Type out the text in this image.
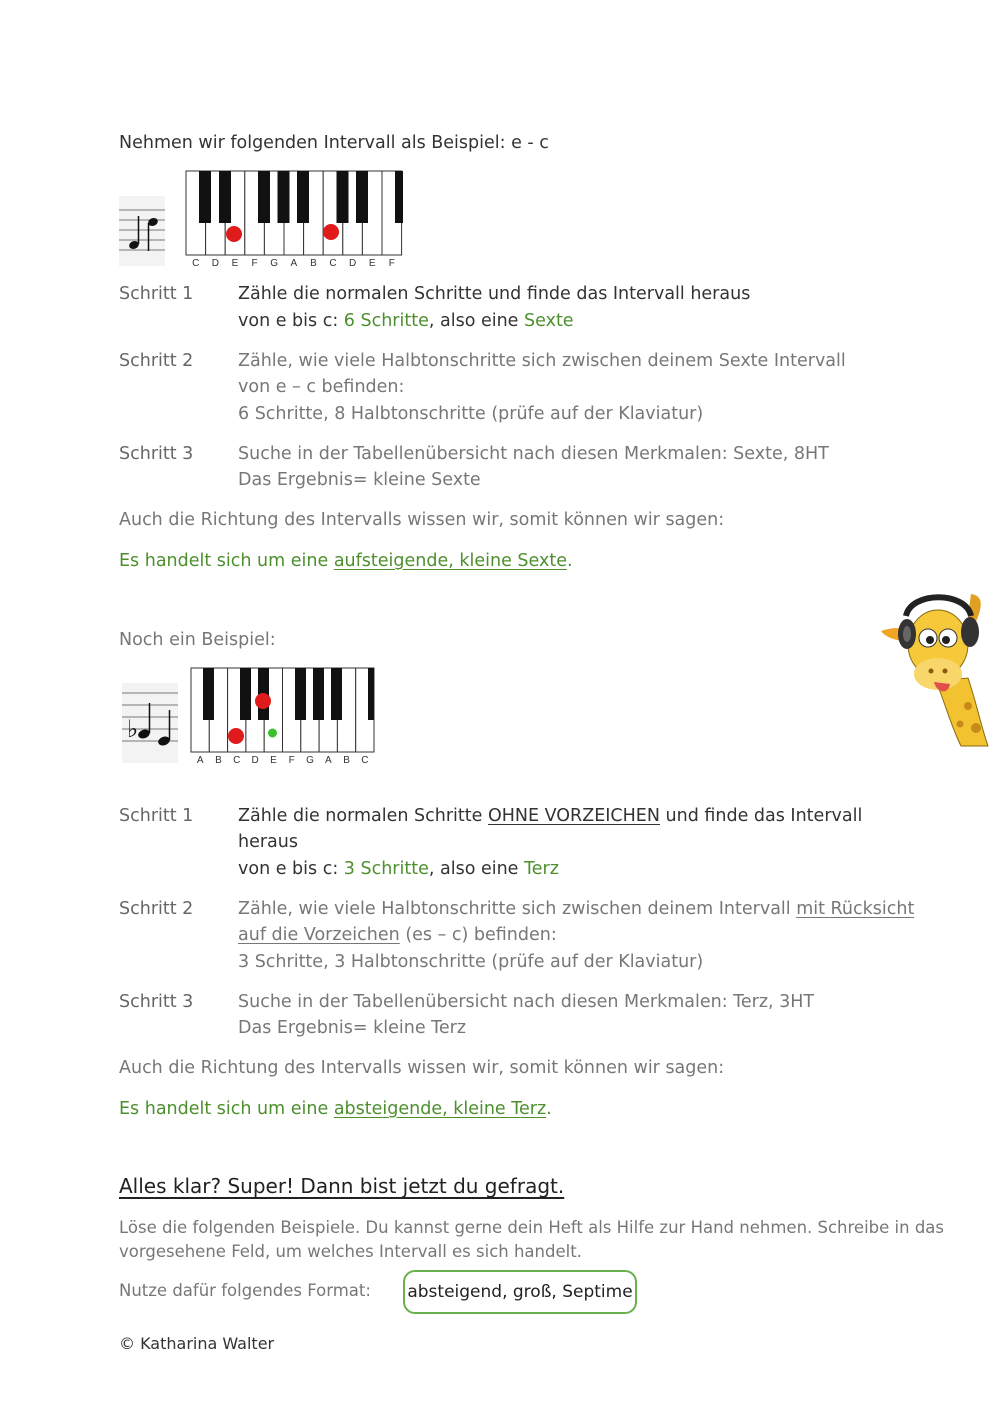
Nehmen wir folgenden Intervall als Beispiel: e - c
C D E F G A B C D E F
Schritt 1	Zähle die normalen Schritte und finde das Intervall heraus
von e bis c: 6 Schritte, also eine Sexte
Schritt 2	Zähle, wie viele Halbtonschritte sich zwischen deinem Sexte Intervall
von e – c befinden:
6 Schritte, 8 Halbtonschritte (prüfe auf der Klaviatur)
Schritt 3	Suche in der Tabellenübersicht nach diesen Merkmalen: Sexte, 8HT
Das Ergebnis= kleine Sexte
Auch die Richtung des Intervalls wissen wir, somit können wir sagen:
Es handelt sich um eine aufsteigende, kleine Sexte.
Noch ein Beispiel:
♭
A B C D E F G A B C
Schritt 1	Zähle die normalen Schritte OHNE VORZEICHEN und finde das Intervall
heraus
von e bis c: 3 Schritte, also eine Terz
Schritt 2	Zähle, wie viele Halbtonschritte sich zwischen deinem Intervall mit Rücksicht
auf die Vorzeichen (es – c) befinden:
3 Schritte, 3 Halbtonschritte (prüfe auf der Klaviatur)
Schritt 3	Suche in der Tabellenübersicht nach diesen Merkmalen: Terz, 3HT
Das Ergebnis= kleine Terz
Auch die Richtung des Intervalls wissen wir, somit können wir sagen:
Es handelt sich um eine absteigende, kleine Terz.
Alles klar? Super! Dann bist jetzt du gefragt.
Löse die folgenden Beispiele. Du kannst gerne dein Heft als Hilfe zur Hand nehmen. Schreibe in das
vorgesehene Feld, um welches Intervall es sich handelt.
Nutze dafür folgendes Format: absteigend, groß, Septime
© Katharina Walter
